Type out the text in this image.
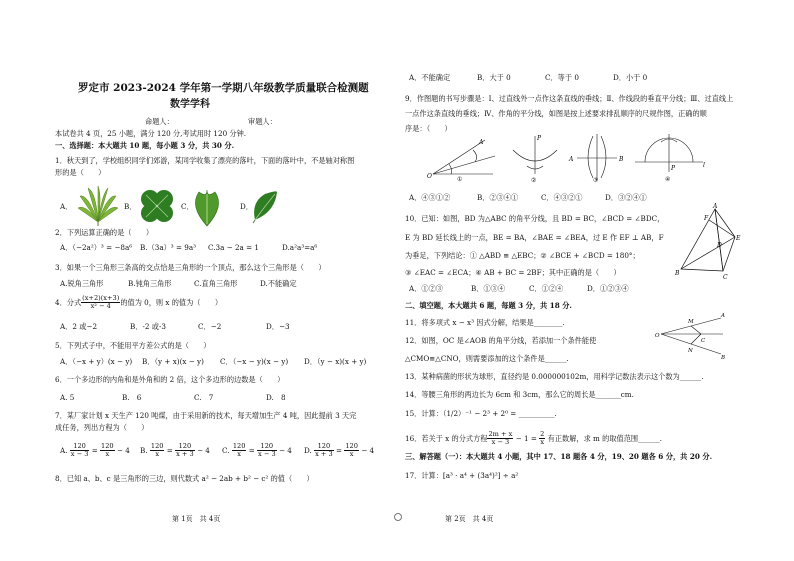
罗定市 2023-2024 学年第一学期八年级教学质量联合检测题
数学学科
命题人：	审题人：
本试卷共 4 页，25 小题，满分 120 分,考试用时 120 分钟.
一、选择题：本大题共 10 题，每小题 3 分，共 30 分.
1．秋天到了，学校组织同学们郊游，某同学收集了漂亮的落叶，下面的落叶中，不是轴对称图
形的是（　　）
A．	B．	C．	D．
2．下列运算正确的是（　　）
A．（−2a²）³ = −8a⁶ B.（3a）³ = 9a³ C.3a − 2a = 1	D.a²a³=a⁶
3．如果一个三角形三条高的交点恰是三角形的一个顶点，那么这个三角形是（　　）
A.锐角三角形	B.钝角三角形	C.直角三角形	D.不能确定
4．分式 $\frac{(x+2)(x+3)}{\text{x² − 4}}$ 的值为 0，则 x 的值为（　　）
A．2 或−2	B．-2 或-3	C．−2	D．−3
5．下列式子中，不能用平方差公式的是（　　）
A．（−x + y）(x − y) B．（y + x)(x − y) C．（−x − y)(x − y) D．（y − x)(x + y)
6．一个多边形的内角和是外角和的 2 倍，这个多边形的边数是（　　）
A. 5	B.　6	C.　7	D.　8
7．某厂家计划 x 天生产 120 吨煤，由于采用新的技术，每天增加生产 4 吨，因此提前 3 天完
成任务，列出方程为（　　）
A. $\frac{120}{x - 3} = \frac{120}{x} - 4$ B. $\frac{120}{x} = \frac{120}{x + 3} - 4$ C. $\frac{120}{x} = \frac{120}{x - 3} - 4$ D. $\frac{120}{x + 3} = \frac{120}{x} - 4$
8．已知 a、b、c 是三角形的三边，则代数式 a² − 2ab + b² − c² 的值（　　）
第 1页　共 4页
A．不能确定	B．大于 0	C．等于 0	D．小于 0
9．作图题的书写步骤是：Ⅰ、过直线外一点作这条直线的垂线；Ⅱ、作线段的垂直平分线；Ⅲ、过直线上
一点作这条直线的垂线；Ⅳ、作角的平分线，如图是按上述要求排乱顺序的尺规作图，正确的顺
序是：（　　）
O
A
①
P
②
A	B
③
P	l
④
A．④③①②	B．②③④①	C．④③②①	D．③②④①
10．已知：如图，BD 为△ABC 的角平分线，且 BD = BC，∠BCD = ∠BDC，
E 为 BD 延长线上的一点，BE = BA，∠BAE = ∠BEA，过 E 作 EF ⊥ AB，F
为垂足，下列结论：① △ABD ≌ △EBC；② ∠BCE + ∠BCD = 180°；
③ ∠EAC = ∠ECA；④ AB + BC = 2BF；其中正确的是（　　）
A
F
E
D
B
C
A．①②③	B．①③④	C．①②④	D．①②③④
二、填空题，本大题共 6 题，每题 3 分，共 18 分.
11．将多项式 x − x³ 因式分解，结果是________.
12．如图，OC 是∠AOB 的角平分线，若添加一个条件能使
△CMO≌△CNO，则需要添加的这个条件是______.
O
M
N
A
B
C
13．某种病菌的形状为球形，直径约是 0.000000102m，用科学记数法表示这个数为______.
14．等腰三角形的两边长为 6cm 和 3cm，那么它的周长是_______cm.
15．计算：（1/2）⁻¹ − 2³ + 2⁰ = __________.
16．若关于 x 的分式方程 $\frac{2m + x}{x - 3} - 1 = \frac{2}{x}$ 有正数解，求 m 的取值范围______.
三、解答题（一）：本大题共 4 小题，其中 17、18 题各 4 分，19、20 题各 6 分，共 20 分.
17．计算：[a³ · a⁴ + (3a⁴)²] ÷ a²
第 2页　共 4页
